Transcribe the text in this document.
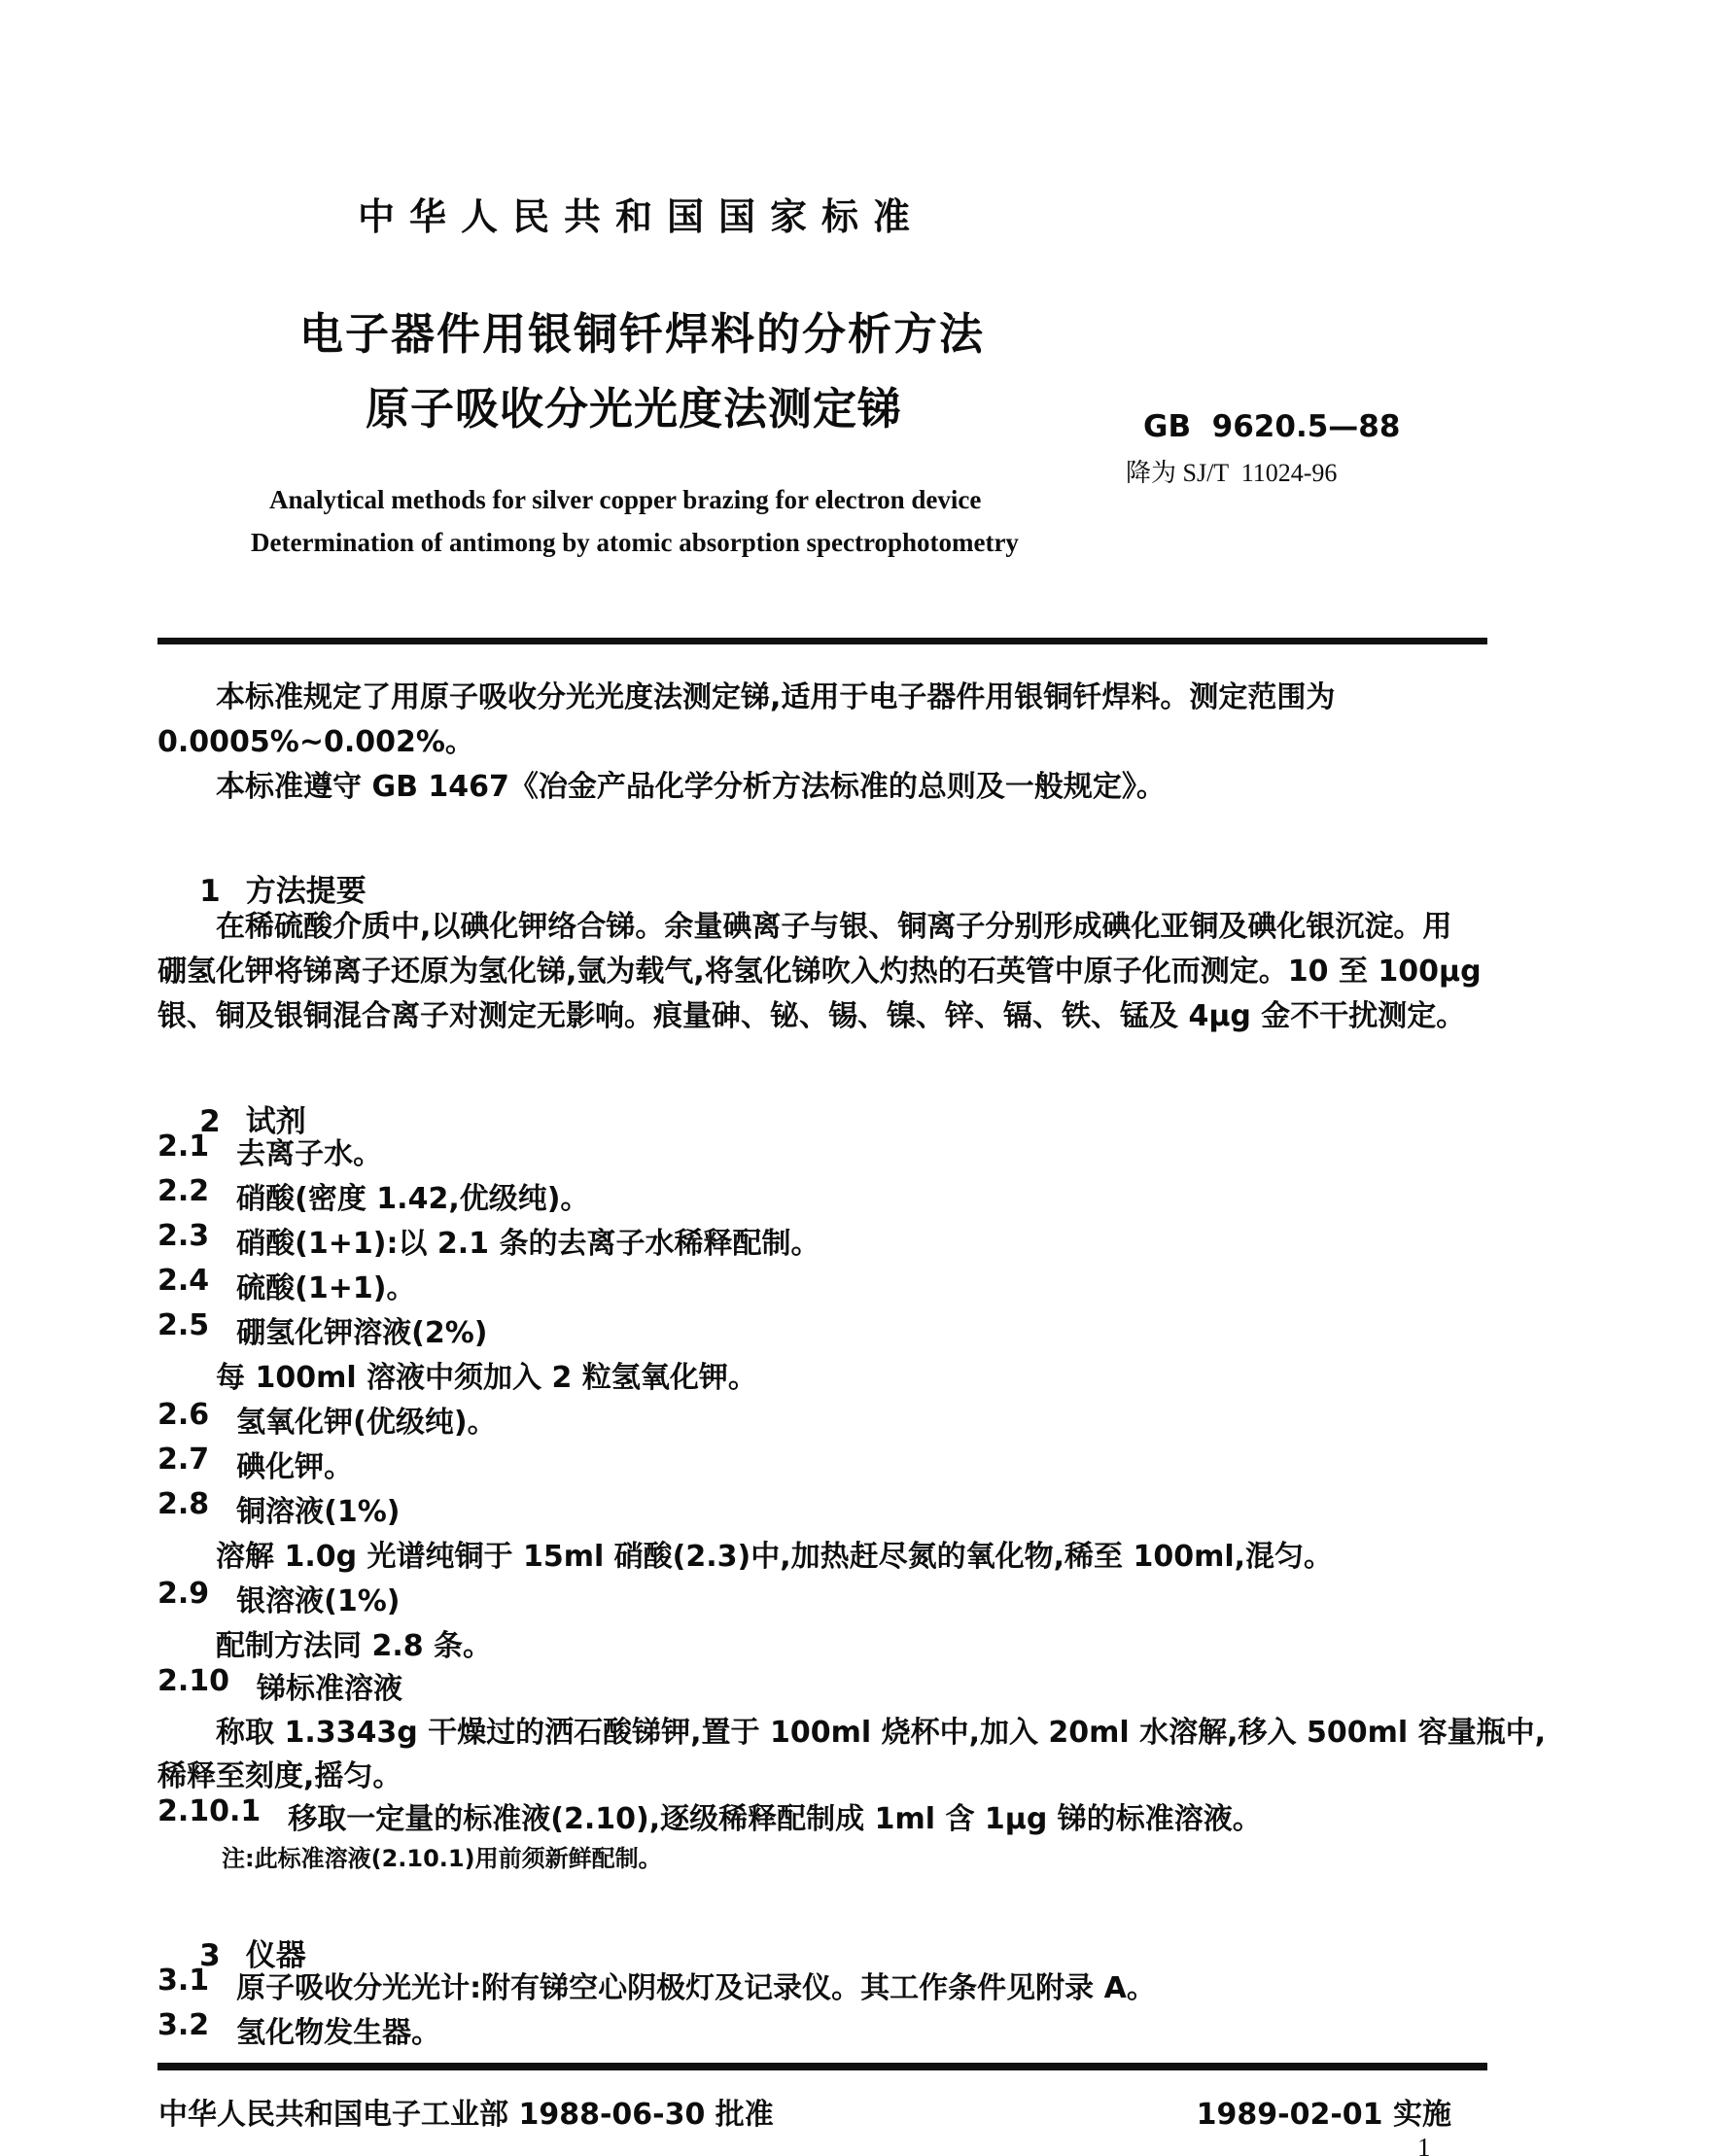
中华人民共和国国家标准
电子器件用银铜钎焊料的分析方法
原子吸收分光光度法测定锑	GB  9620.5—88
降为 SJ/T  11024-96
Analytical methods for silver copper brazing for electron device
Determination of antimong by atomic absorption spectrophotometry
本标准规定了用原子吸收分光光度法测定锑,适用于电子器件用银铜钎焊料。测定范围为
0.0005%~0.002%。
本标准遵守 GB 1467《冶金产品化学分析方法标准的总则及一般规定》。

1 方法提要

在稀硫酸介质中,以碘化钾络合锑。余量碘离子与银、铜离子分别形成碘化亚铜及碘化银沉淀。用
硼氢化钾将锑离子还原为氢化锑,氩为载气,将氢化锑吹入灼热的石英管中原子化而测定。10 至 100μg
银、铜及银铜混合离子对测定无影响。痕量砷、铋、锡、镍、锌、镉、铁、锰及 4μg 金不干扰测定。

2 试剂

2.1 去离子水。
2.2 硝酸(密度 1.42,优级纯)。
2.3 硝酸(1+1):以 2.1 条的去离子水稀释配制。
2.4 硫酸(1+1)。
2.5 硼氢化钾溶液(2%)
每 100ml 溶液中须加入 2 粒氢氧化钾。
2.6 氢氧化钾(优级纯)。
2.7 碘化钾。
2.8 铜溶液(1%)
溶解 1.0g 光谱纯铜于 15ml 硝酸(2.3)中,加热赶尽氮的氧化物,稀至 100ml,混匀。
2.9 银溶液(1%)
配制方法同 2.8 条。
2.10 锑标准溶液
称取 1.3343g 干燥过的洒石酸锑钾,置于 100ml 烧杯中,加入 20ml 水溶解,移入 500ml 容量瓶中,
稀释至刻度,摇匀。
2.10.1 移取一定量的标准液(2.10),逐级稀释配制成 1ml 含 1μg 锑的标准溶液。
注:此标准溶液(2.10.1)用前须新鲜配制。

3 仪器

3.1 原子吸收分光光计:附有锑空心阴极灯及记录仪。其工作条件见附录 A。
3.2 氢化物发生器。
中华人民共和国电子工业部 1988-06-30 批准	1989-02-01 实施
1
